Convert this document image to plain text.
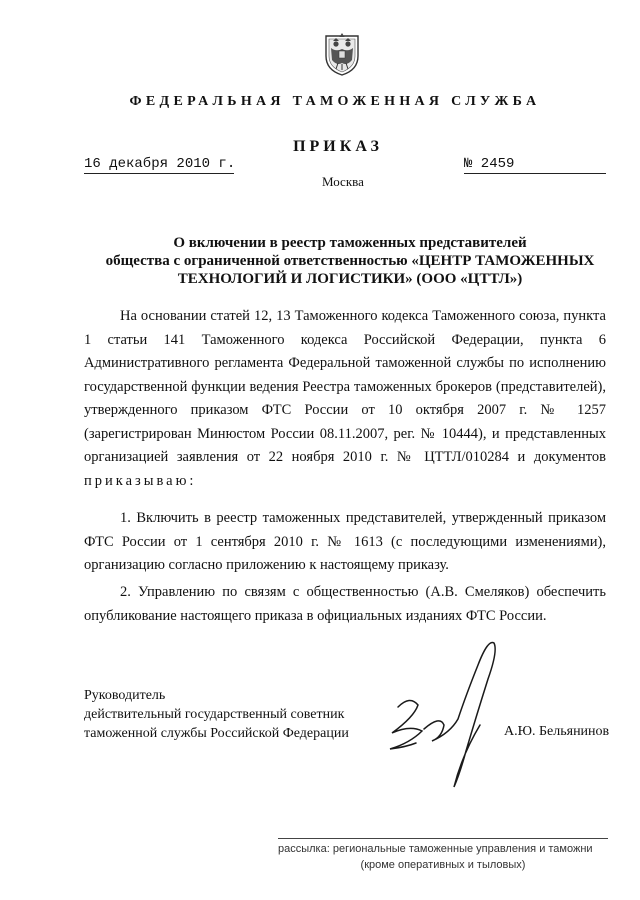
ФЕДЕРАЛЬНАЯ ТАМОЖЕННАЯ СЛУЖБА
ПРИКАЗ
16 декабря 2010 г.	№ 2459
Москва
О включении в реестр таможенных представителей
общества с ограниченной ответственностью «ЦЕНТР ТАМОЖЕННЫХ
ТЕХНОЛОГИЙ И ЛОГИСТИКИ» (ООО «ЦТТЛ»)
На основании статей 12, 13 Таможенного кодекса Таможенного союза, пункта 1 статьи 141 Таможенного кодекса Российской Федерации, пункта 6 Административного регламента Федеральной таможенной службы по исполнению государственной функции ведения Реестра таможенных брокеров (представителей), утвержденного приказом ФТС России от 10 октября 2007 г. № 1257 (зарегистрирован Минюстом России 08.11.2007, рег. № 10444), и представленных организацией заявления от 22 ноября 2010 г. № ЦТТЛ/010284 и документов приказываю:
1. Включить в реестр таможенных представителей, утвержденный приказом ФТС России от 1 сентября 2010 г. № 1613 (с последующими изменениями), организацию согласно приложению к настоящему приказу.
2. Управлению по связям с общественностью (А.В. Смеляков) обеспечить опубликование настоящего приказа в официальных изданиях ФТС России.
Руководитель
действительный государственный советник
таможенной службы Российской Федерации	А.Ю. Бельянинов
рассылка: региональные таможенные управления и таможни
(кроме оперативных и тыловых)
